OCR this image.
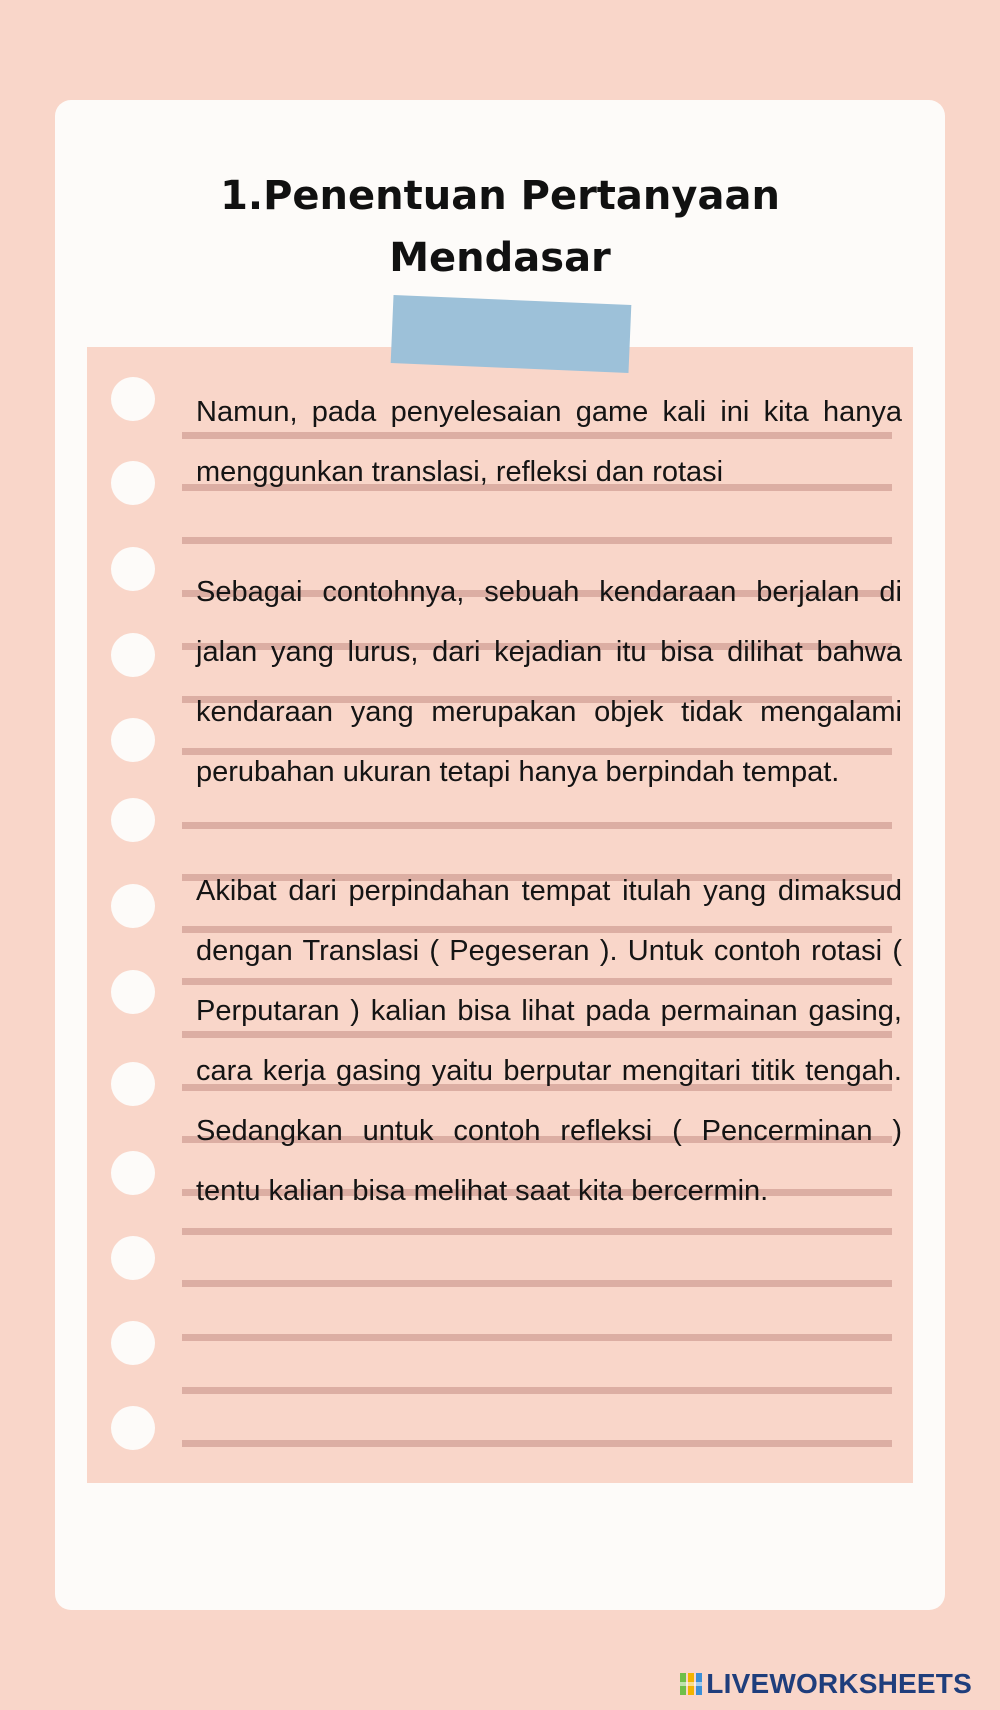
1.Penentuan Pertanyaan
Mendasar

Namun, pada penyelesaian game kali ini kita hanya menggunkan translasi, refleksi dan rotasi

Sebagai contohnya, sebuah kendaraan berjalan di jalan yang lurus, dari kejadian itu bisa dilihat bahwa kendaraan yang merupakan objek tidak mengalami perubahan ukuran tetapi hanya berpindah tempat.

Akibat dari perpindahan tempat itulah yang dimaksud dengan Translasi ( Pegeseran ). Untuk contoh rotasi ( Perputaran ) kalian bisa lihat pada permainan gasing, cara kerja gasing yaitu berputar mengitari titik tengah. Sedangkan untuk contoh refleksi ( Pencerminan ) tentu kalian bisa melihat saat kita bercermin.

LIVEWORKSHEETS
